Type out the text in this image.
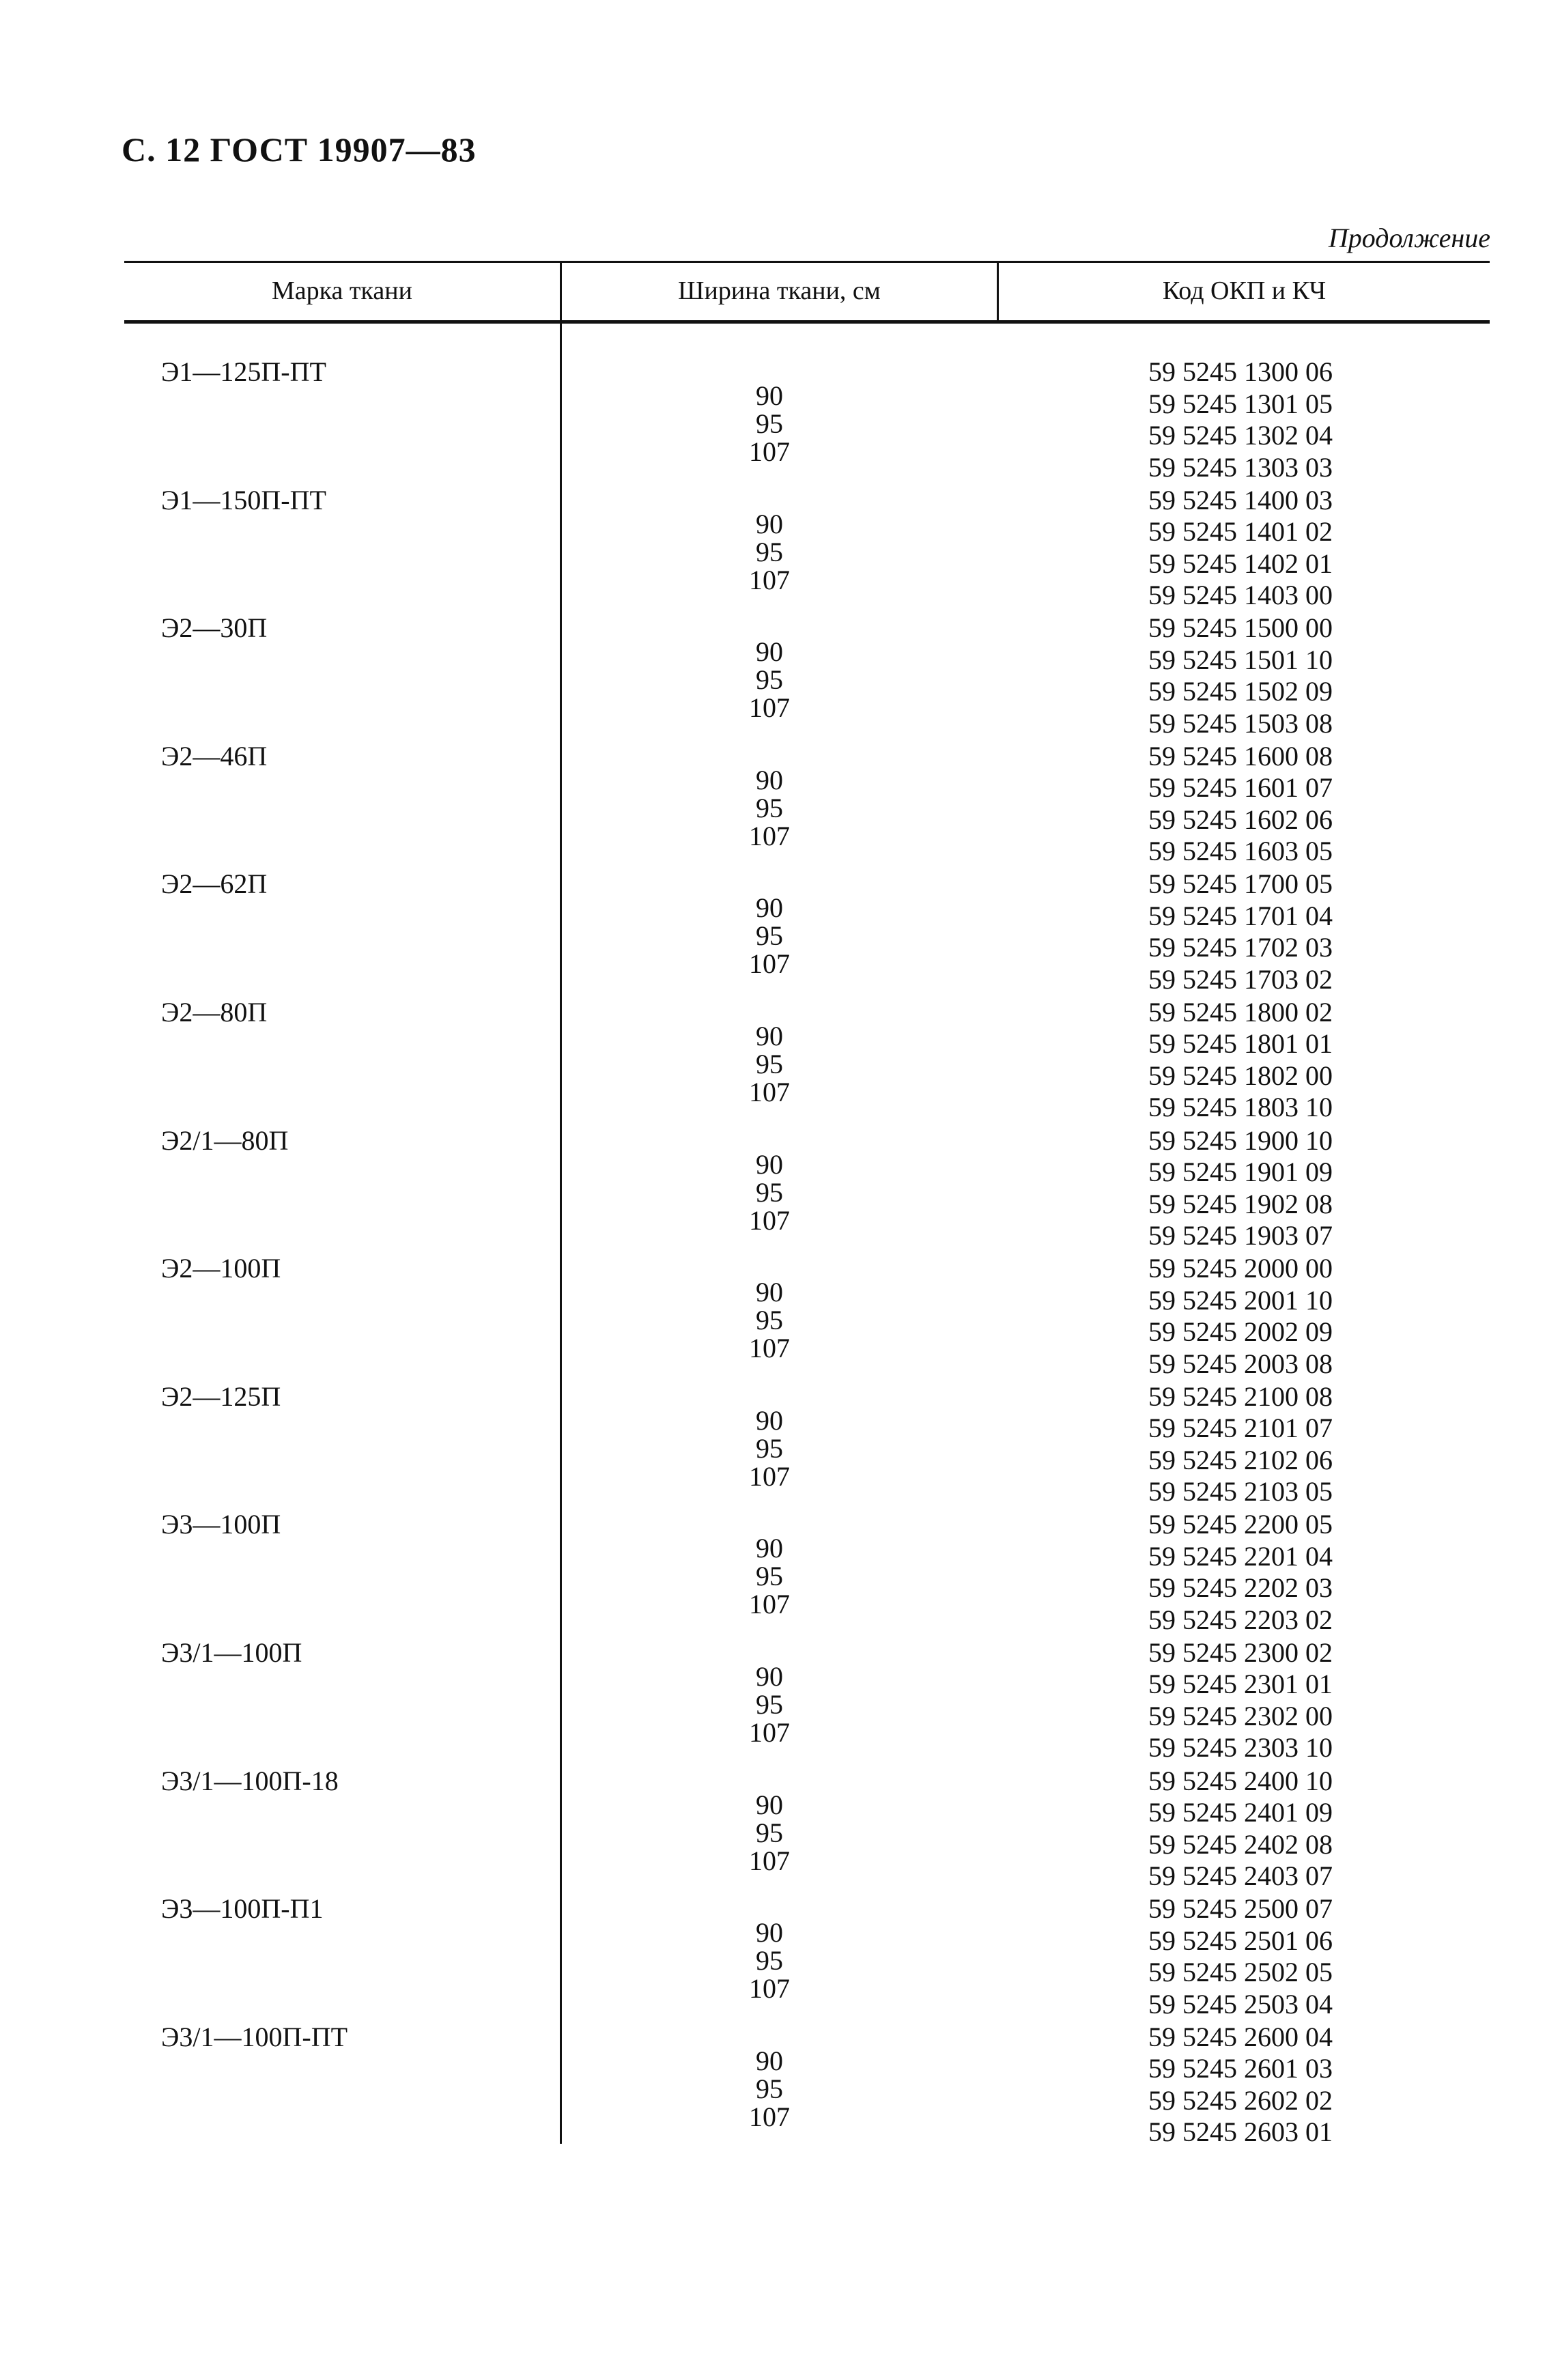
С. 12 ГОСТ 19907—83
Продолжение
Марка ткани	Ширина ткани, см	Код ОКП и КЧ
Э1—125П-ПТ
90
95
107
59 5245 1300 06
59 5245 1301 05
59 5245 1302 04
59 5245 1303 03
Э1—150П-ПТ
90
95
107
59 5245 1400 03
59 5245 1401 02
59 5245 1402 01
59 5245 1403 00
Э2—30П
90
95
107
59 5245 1500 00
59 5245 1501 10
59 5245 1502 09
59 5245 1503 08
Э2—46П
90
95
107
59 5245 1600 08
59 5245 1601 07
59 5245 1602 06
59 5245 1603 05
Э2—62П
90
95
107
59 5245 1700 05
59 5245 1701 04
59 5245 1702 03
59 5245 1703 02
Э2—80П
90
95
107
59 5245 1800 02
59 5245 1801 01
59 5245 1802 00
59 5245 1803 10
Э2/1—80П
90
95
107
59 5245 1900 10
59 5245 1901 09
59 5245 1902 08
59 5245 1903 07
Э2—100П
90
95
107
59 5245 2000 00
59 5245 2001 10
59 5245 2002 09
59 5245 2003 08
Э2—125П
90
95
107
59 5245 2100 08
59 5245 2101 07
59 5245 2102 06
59 5245 2103 05
Э3—100П
90
95
107
59 5245 2200 05
59 5245 2201 04
59 5245 2202 03
59 5245 2203 02
Э3/1—100П
90
95
107
59 5245 2300 02
59 5245 2301 01
59 5245 2302 00
59 5245 2303 10
Э3/1—100П-18
90
95
107
59 5245 2400 10
59 5245 2401 09
59 5245 2402 08
59 5245 2403 07
Э3—100П-П1
90
95
107
59 5245 2500 07
59 5245 2501 06
59 5245 2502 05
59 5245 2503 04
Э3/1—100П-ПТ
90
95
107
59 5245 2600 04
59 5245 2601 03
59 5245 2602 02
59 5245 2603 01
